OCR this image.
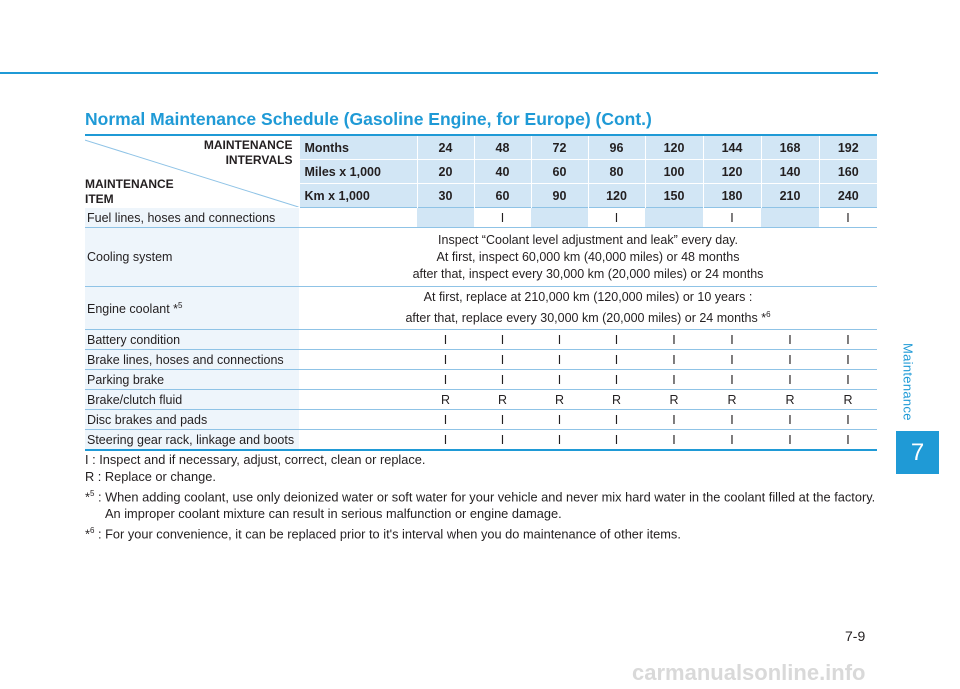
Maintenance
7
Normal Maintenance Schedule (Gasoline Engine, for Europe) (Cont.)
MAINTENANCE
INTERVALS
MAINTENANCE
ITEM	Months	24	48	72	96	120	144	168	192
	Miles x 1,000	20	40	60	80	100	120	140	160
	Km x 1,000	30	60	90	120	150	180	210	240
Fuel lines, hoses and connections			I		I		I		I
Cooling system	Inspect “Coolant level adjustment and leak” every day.
At first, inspect 60,000 km (40,000 miles) or 48 months
after that, inspect every 30,000 km (20,000 miles) or 24 months								

Engine coolant *$^5$	At first, replace at 210,000 km (120,000 miles) or 10 years :
after that, replace every 30,000 km (20,000 miles) or 24 months *$^6$

Battery condition		I	I	I	I	I	I	I	I
Brake lines, hoses and connections		I	I	I	I	I	I	I	I
Parking brake		I	I	I	I	I	I	I	I
Brake/clutch fluid		R	R	R	R	R	R	R	R
Disc brakes and pads		I	I	I	I	I	I	I	I
Steering gear rack, linkage and boots		I	I	I	I	I	I	I	I

I : Inspect and if necessary, adjust, correct, clean or replace.

R : Replace or change.

*$^5$ : When adding coolant, use only deionized water or soft water for your vehicle and never mix hard water in the coolant filled at the factory. An improper coolant mixture can result in serious malfunction or engine damage.

*$^6$ : For your convenience, it can be replaced prior to it's interval when you do maintenance of other items.

7-9
carmanualsonline.info
